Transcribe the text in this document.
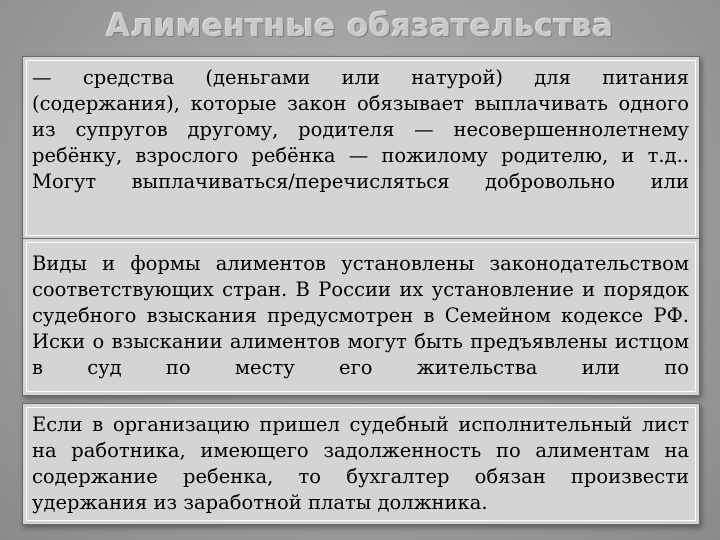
Алиментные обязательства

— средства (деньгами или натурой) для питания (содержания), которые закон обязывает выплачивать одного из супругов другому, родителя — несовершеннолетнему ребёнку, взрослого ребёнка — пожилому родителю, и т.д.. Могут выплачиваться/перечисляться добровольно или

Виды и формы алиментов установлены законодательством соответствующих стран. В России их установление и порядок судебного взыскания предусмотрен в Семейном кодексе РФ. Иски о взыскании алиментов могут быть предъявлены истцом в суд по месту его жительства или по

Если в организацию пришел судебный исполнительный лист на работника, имеющего задолженность по алиментам на содержание ребенка, то бухгалтер обязан произвести удержания из заработной платы должника.
